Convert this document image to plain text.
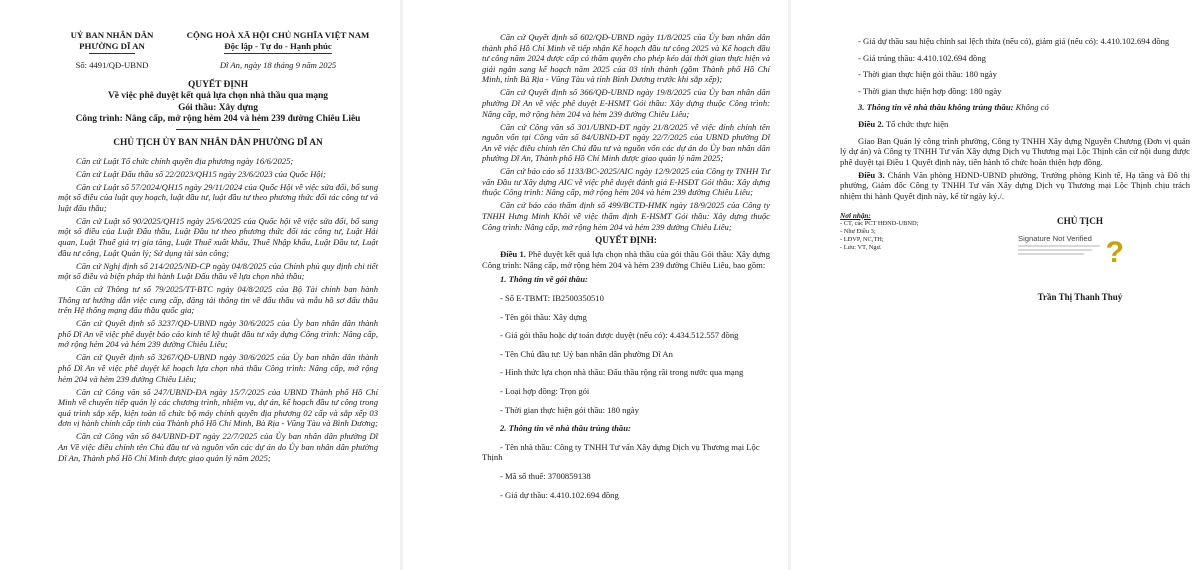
UỶ BAN NHÂN DÂN
PHƯỜNG DĨ AN
CỘNG HOÀ XÃ HỘI CHỦ NGHĨA VIỆT NAM
Độc lập - Tự do - Hạnh phúc
Số: 4491/QĐ-UBND	Dĩ An, ngày 18 tháng 9 năm 2025
QUYẾT ĐỊNH
Về việc phê duyệt kết quả lựa chọn nhà thầu qua mạng
Gói thầu: Xây dựng
Công trình: Nâng cấp, mở rộng hẻm 204 và hẻm 239 đường Chiêu Liêu
CHỦ TỊCH ỦY BAN NHÂN DÂN PHƯỜNG DĨ AN

Căn cứ Luật Tổ chức chính quyền địa phương ngày 16/6/2025;

Căn cứ Luật Đấu thầu số 22/2023/QH15 ngày 23/6/2023 của Quốc Hội;

Căn cứ Luật số 57/2024/QH15 ngày 29/11/2024 của Quốc Hội về việc sửa đổi, bổ sung một số điều của luật quy hoạch, luật đầu tư, luật đầu tư theo phương thức đối tác công tư và luật đấu thầu;

Căn cứ Luật số 90/2025/QH15 ngày 25/6/2025 của Quốc hội về việc sửa đổi, bổ sung một số điều của Luật Đấu thầu, Luật Đầu tư theo phương thức đối tác công tư, Luật Hải quan, Luật Thuế giá trị gia tăng, Luật Thuế xuất khẩu, Thuế Nhập khẩu, Luật Đầu tư, Luật đầu tư công, Luật Quản lý; Sử dụng tài sản công;

Căn cứ Nghị định số 214/2025/NĐ-CP ngày 04/8/2025 của Chính phủ quy định chi tiết một số điều và biện pháp thi hành Luật Đấu thầu về lựa chọn nhà thầu;

Căn cứ Thông tư số 79/2025/TT-BTC ngày 04/8/2025 của Bộ Tài chính ban hành Thông tư hướng dẫn việc cung cấp, đăng tải thông tin về đấu thầu và mẫu hồ sơ đấu thầu trên Hệ thống mạng đấu thầu quốc gia;

Căn cứ Quyết định số 3237/QĐ-UBND ngày 30/6/2025 của Ủy ban nhân dân thành phố Dĩ An về việc phê duyệt báo cáo kinh tế kỹ thuật đầu tư xây dựng Công trình: Nâng cấp, mở rộng hẻm 204 và hẻm 239 đường Chiêu Liêu;

Căn cứ Quyết định số 3267/QĐ-UBND ngày 30/6/2025 của Ủy ban nhân dân thành phố Dĩ An về việc phê duyệt kế hoạch lựa chọn nhà thầu Công trình: Nâng cấp, mở rộng hẻm 204 và hẻm 239 đường Chiêu Liêu;

Căn cứ Công văn số 247/UBND-ĐA ngày 15/7/2025 của UBND Thành phố Hồ Chí Minh về chuyển tiếp quản lý các chương trình, nhiệm vụ, dự án, kế hoạch đầu tư công trong quá trình sắp xếp, kiện toàn tổ chức bộ máy chính quyền địa phương 02 cấp và sắp xếp 03 đơn vị hành chính cấp tỉnh của Thành phố Hồ Chí Minh, Bà Rịa - Vũng Tàu và Bình Dương;

Căn cứ Công văn số 84/UBND-ĐT ngày 22/7/2025 của Ủy ban nhân dân phường Dĩ An Về việc điều chỉnh tên Chủ đầu tư và nguồn vốn các dự án do Ủy ban nhân dân phường Dĩ An, Thành phố Hồ Chí Minh được giao quản lý năm 2025;

Căn cứ Quyết định số 602/QĐ-UBND ngày 11/8/2025 của Ủy ban nhân dân thành phố Hồ Chí Minh về tiếp nhận Kế hoạch đầu tư công 2025 và Kế hoạch đầu tư công năm 2024 được cấp có thẩm quyền cho phép kéo dài thời gian thực hiện và giải ngân sang kế hoạch năm 2025 của 03 tỉnh thành (gồm Thành phố Hồ Chí Minh, tỉnh Bà Rịa - Vũng Tàu và tỉnh Bình Dương trước khi sắp xếp);

Căn cứ Quyết định số 366/QĐ-UBND ngày 19/8/2025 của Ủy ban nhân dân phường Dĩ An về việc phê duyệt E-HSMT Gói thầu: Xây dựng thuộc Công trình: Nâng cấp, mở rộng hẻm 204 và hẻm 239 đường Chiêu Liêu;

Căn cứ Công văn số 301/UBND-ĐT ngày 21/8/2025 về việc đính chính tên nguồn vốn tại Công văn số 84/UBND-ĐT ngày 22/7/2025 của UBND phường Dĩ An về việc điều chỉnh tên Chủ đầu tư và nguồn vốn các dự án do Ủy ban nhân dân phường Dĩ An, Thành phố Hồ Chí Minh được giao quản lý năm 2025;

Căn cứ báo cáo số 1133/BC-2025/AIC ngày 12/9/2025 của Công ty TNHH Tư vấn Đầu tư Xây dựng AIC về việc phê duyệt đánh giá E-HSĐT Gói thầu: Xây dựng thuộc Công trình: Nâng cấp, mở rộng hẻm 204 và hẻm 239 đường Chiêu Liêu;

Căn cứ báo cáo thẩm định số 499/BCTĐ-HMK ngày 18/9/2025 của Công ty TNHH Hưng Minh Khôi về việc thẩm định E-HSMT Gói thầu: Xây dựng thuộc Công trình: Nâng cấp, mở rộng hẻm 204 và hẻm 239 đường Chiêu Liêu;

QUYẾT ĐỊNH:

Điều 1. Phê duyệt kết quả lựa chọn nhà thầu của gói thầu Gói thầu: Xây dựng Công trình: Nâng cấp, mở rộng hẻm 204 và hẻm 239 đường Chiêu Liêu, bao gồm:

1. Thông tin về gói thầu:

- Số E-TBMT: IB2500350510

- Tên gói thầu: Xây dựng

- Giá gói thầu hoặc dự toán được duyệt (nếu có): 4.434.512.557 đồng

- Tên Chủ đầu tư: Uỷ ban nhân dân phường Dĩ An

- Hình thức lựa chọn nhà thầu: Đấu thầu rộng rãi trong nước qua mạng

- Loại hợp đồng: Trọn gói

- Thời gian thực hiện gói thầu: 180 ngày

2. Thông tin về nhà thầu trúng thầu:

- Tên nhà thầu: Công ty TNHH Tư vấn Xây dựng Dịch vụ Thương mại Lộc Thịnh

- Mã số thuế: 3700859138

- Giá dự thầu: 4.410.102.694 đồng

- Giá dự thầu sau hiệu chỉnh sai lệch thừa (nếu có), giảm giá (nếu có): 4.410.102.694 đồng

- Giá trúng thầu: 4.410.102.694 đồng

- Thời gian thực hiện gói thầu: 180 ngày

- Thời gian thực hiện hợp đồng: 180 ngày

3. Thông tin về nhà thầu không trúng thầu: Không có

Điều 2. Tổ chức thực hiện

Giao Ban Quản lý công trình phường, Công ty TNHH Xây dựng Nguyễn Chương (Đơn vị quản lý dự án) và Công ty TNHH Tư vấn Xây dựng Dịch vụ Thương mại Lộc Thịnh căn cứ nội dung được phê duyệt tại Điều 1 Quyết định này, tiến hành tổ chức hoàn thiện hợp đồng.

Điều 3. Chánh Văn phòng HĐND-UBND phường, Trưởng phòng Kinh tế, Hạ tầng và Đô thị phường, Giám đốc Công ty TNHH Tư vấn Xây dựng Dịch vụ Thương mại Lộc Thịnh chịu trách nhiệm thi hành Quyết định này, kể từ ngày ký./.

Nơi nhận:
- CT, các PCT HĐND-UBND;
- Như Điều 3;
- LĐVP, NC,TH;
- Lưu: VT, Ngư.
CHỦ TỊCH
Signature Not Verified ?
Trần Thị Thanh Thuý
